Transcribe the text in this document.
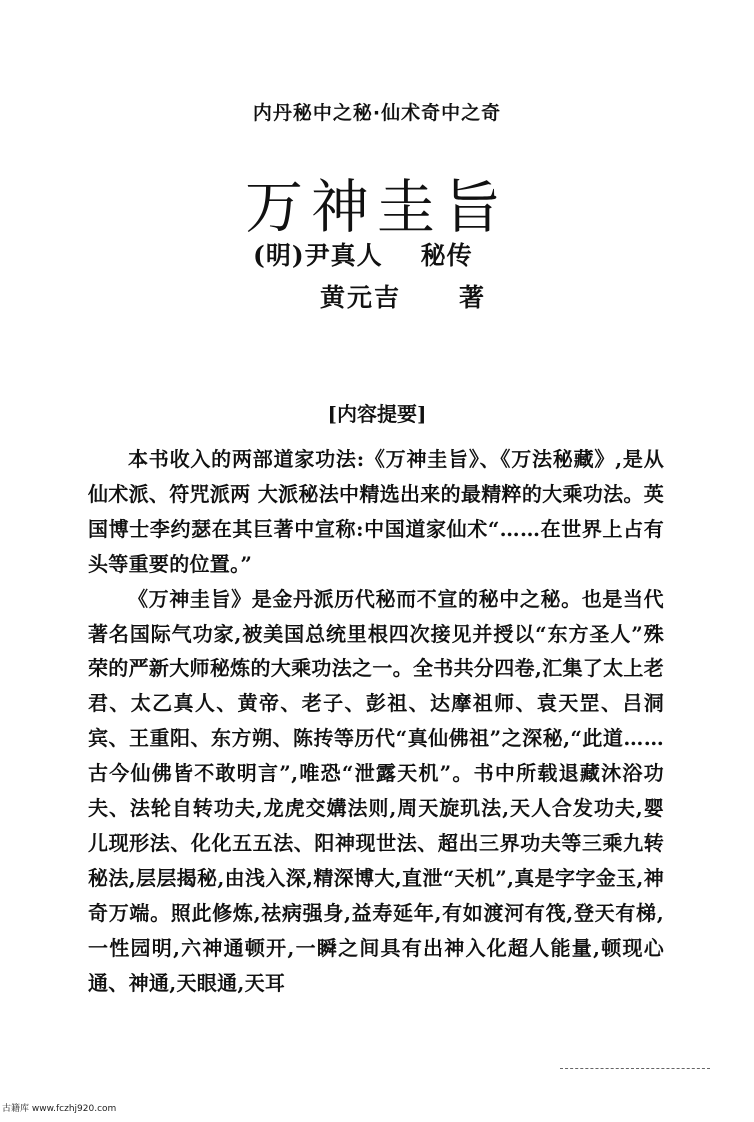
内丹秘中之秘·仙术奇中之奇
万神圭旨
(明)尹真人 秘传
黄元吉 著
[内容提要]

本书收入的两部道家功法:《万神圭旨》、《万法秘藏》,是从仙术派、符咒派两 大派秘法中精选出来的最精粹的大乘功法。英国博士李约瑟在其巨著中宣称:中国道家仙术“……在世界上占有头等重要的位置。”

《万神圭旨》是金丹派历代秘而不宣的秘中之秘。也是当代著名国际气功家,被美国总统里根四次接见并授以“东方圣人”殊荣的严新大师秘炼的大乘功法之一。全书共分四卷,汇集了太上老君、太乙真人、黄帝、老子、彭祖、达摩祖师、袁天罡、吕洞宾、王重阳、东方朔、陈抟等历代“真仙佛祖”之深秘,“此道……古今仙佛皆不敢明言”,唯恐“泄露天机”。书中所载退藏沐浴功夫、法轮自转功夫,龙虎交媾法则,周天旋玑法,天人合发功夫,婴儿现形法、化化五五法、阳神现世法、超出三界功夫等三乘九转秘法,层层揭秘,由浅入深,精深博大,直泄“天机”,真是字字金玉,神奇万端。照此修炼,祛病强身,益寿延年,有如渡河有筏,登天有梯,一性园明,六神通顿开,一瞬之间具有出神入化超人能量,顿现心通、神通,天眼通,天耳

古籍库 www.fczhj920.com
